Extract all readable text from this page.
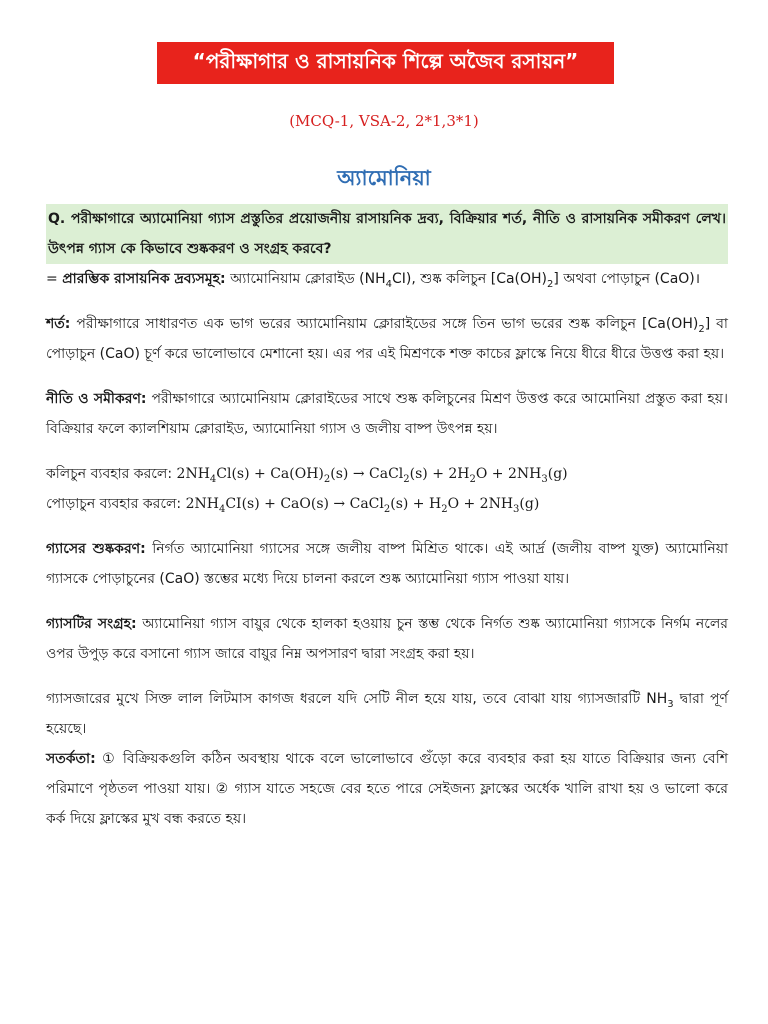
“পরীক্ষাগার ও রাসায়নিক শিল্পে অজৈব রসায়ন”
(MCQ-1, VSA-2, 2*1,3*1)
অ্যামোনিয়া
Q. পরীক্ষাগারে অ্যামোনিয়া গ্যাস প্রস্তুতির প্রয়োজনীয় রাসায়নিক দ্রব্য, বিক্রিয়ার শর্ত, নীতি ও রাসায়নিক সমীকরণ লেখ। উৎপন্ন গ্যাস কে কিভাবে শুষ্ককরণ ও সংগ্রহ করবে?

= প্রারম্ভিক রাসায়নিক দ্রব্যসমূহ: অ্যামোনিয়াম ক্লোরাইড $(NH_4CI)$, শুষ্ক কলিচুন $[Ca(OH)_2]$ অথবা পোড়াচুন (CaO)।

শর্ত: পরীক্ষাগারে সাধারণত এক ভাগ ভরের অ্যামোনিয়াম ক্লোরাইডের সঙ্গে তিন ভাগ ভরের শুষ্ক কলিচুন $[Ca(OH)_2]$ বা পোড়াচুন (CaO) চূর্ণ করে ভালোভাবে মেশানো হয়। এর পর এই মিশ্রণকে শক্ত কাচের ফ্লাস্কে নিয়ে ধীরে ধীরে উত্তপ্ত করা হয়।

নীতি ও সমীকরণ: পরীক্ষাগারে অ্যামোনিয়াম ক্লোরাইডের সাথে শুষ্ক কলিচুনের মিশ্রণ উত্তপ্ত করে আমোনিয়া প্রস্তুত করা হয়। বিক্রিয়ার ফলে ক্যালশিয়াম ক্লোরাইড, অ্যামোনিয়া গ্যাস ও জলীয় বাষ্প উৎপন্ন হয়।

কলিচুন ব্যবহার করলে: $2NH_4Cl(s) + Ca(OH)_2(s)$ → CaCl$_2$(s) + $2H_2O + 2NH_3(g)$

পোড়াচুন ব্যবহার করলে: $2NH_4CI(s) + CaO(s)$ → CaCl$_2$(s) + $H_2O + 2NH_3(g)$

গ্যাসের শুষ্ককরণ: নির্গত অ্যামোনিয়া গ্যাসের সঙ্গে জলীয় বাষ্প মিশ্রিত থাকে। এই আর্দ্র (জলীয় বাষ্প যুক্ত) অ্যামোনিয়া গ্যাসকে পোড়াচুনের (CaO) স্তম্ভের মধ্যে দিয়ে চালনা করলে শুষ্ক অ্যামোনিয়া গ্যাস পাওয়া যায়।

গ্যাসটির সংগ্রহ: অ্যামোনিয়া গ্যাস বায়ুর থেকে হালকা হওয়ায় চুন স্তম্ভ থেকে নির্গত শুষ্ক অ্যামোনিয়া গ্যাসকে নির্গম নলের ওপর উপুড় করে বসানো গ্যাস জারে বায়ুর নিম্ন অপসারণ দ্বারা সংগ্রহ করা হয়।

গ্যাসজারের মুখে সিক্ত লাল লিটমাস কাগজ ধরলে যদি সেটি নীল হয়ে যায়, তবে বোঝা যায় গ্যাসজারটি $NH_3$ দ্বারা পূর্ণ হয়েছে।

সতর্কতা: ① বিক্রিয়কগুলি কঠিন অবস্থায় থাকে বলে ভালোভাবে গুঁড়ো করে ব্যবহার করা হয় যাতে বিক্রিয়ার জন্য বেশি পরিমাণে পৃষ্ঠতল পাওয়া যায়। ② গ্যাস যাতে সহজে বের হতে পারে সেইজন্য ফ্লাস্কের অর্ধেক খালি রাখা হয় ও ভালো করে কর্ক দিয়ে ফ্লাস্কের মুখ বন্ধ করতে হয়।
